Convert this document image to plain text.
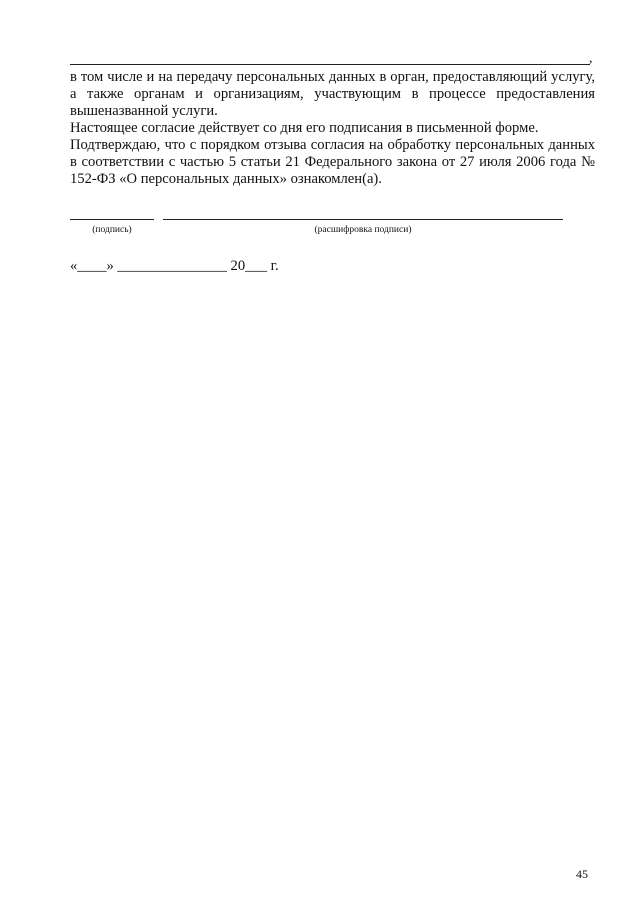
,

в том числе и на передачу персональных данных в орган, предоставляющий услугу, а также органам и организациям, участвующим в процессе предоставления вышеназванной услуги.

Настоящее согласие действует со дня его подписания в письменной форме.

Подтверждаю, что с порядком отзыва согласия на обработку персональных данных в соответствии с частью 5 статьи 21 Федерального закона от 27 июля 2006 года № 152-ФЗ «О персональных данных» ознакомлен(а).

(подпись)	(расшифровка подписи)
«____» _______________ 20___ г.
45
